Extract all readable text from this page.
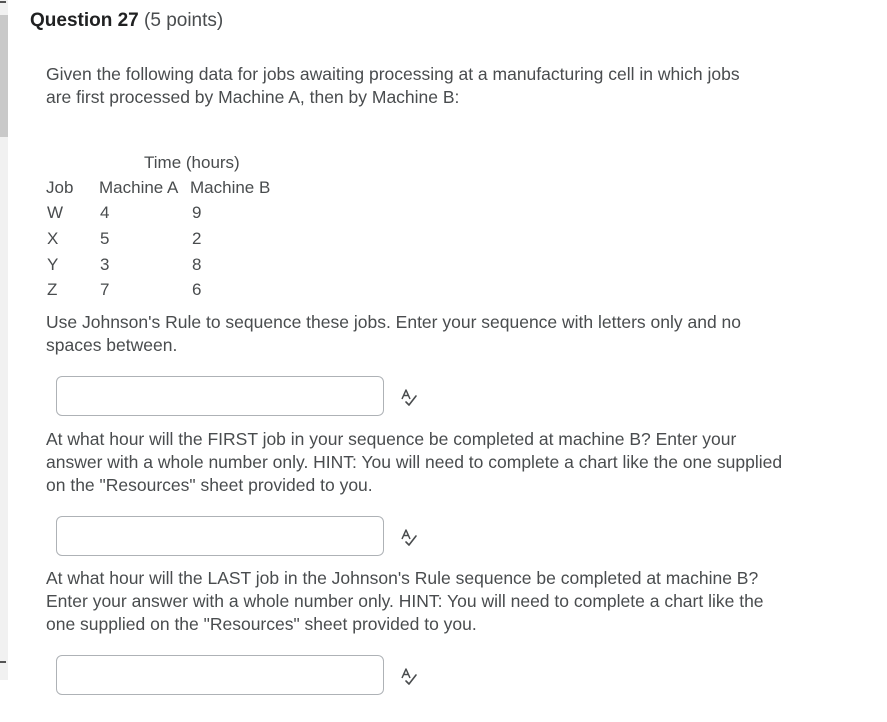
Question 27 (5 points)
Given the following data for jobs awaiting processing at a manufacturing cell in which jobs are first processed by Machine A, then by Machine B:
Time (hours)
Job Machine A Machine B
W 4	9
X 5	2
Y 3	8
Z	7	6
Use Johnson's Rule to sequence these jobs. Enter your sequence with letters only and no spaces between.
At what hour will the FIRST job in your sequence be completed at machine B? Enter your answer with a whole number only. HINT: You will need to complete a chart like the one supplied on the "Resources" sheet provided to you.
At what hour will the LAST job in the Johnson's Rule sequence be completed at machine B? Enter your answer with a whole number only. HINT: You will need to complete a chart like the one supplied on the "Resources" sheet provided to you.
